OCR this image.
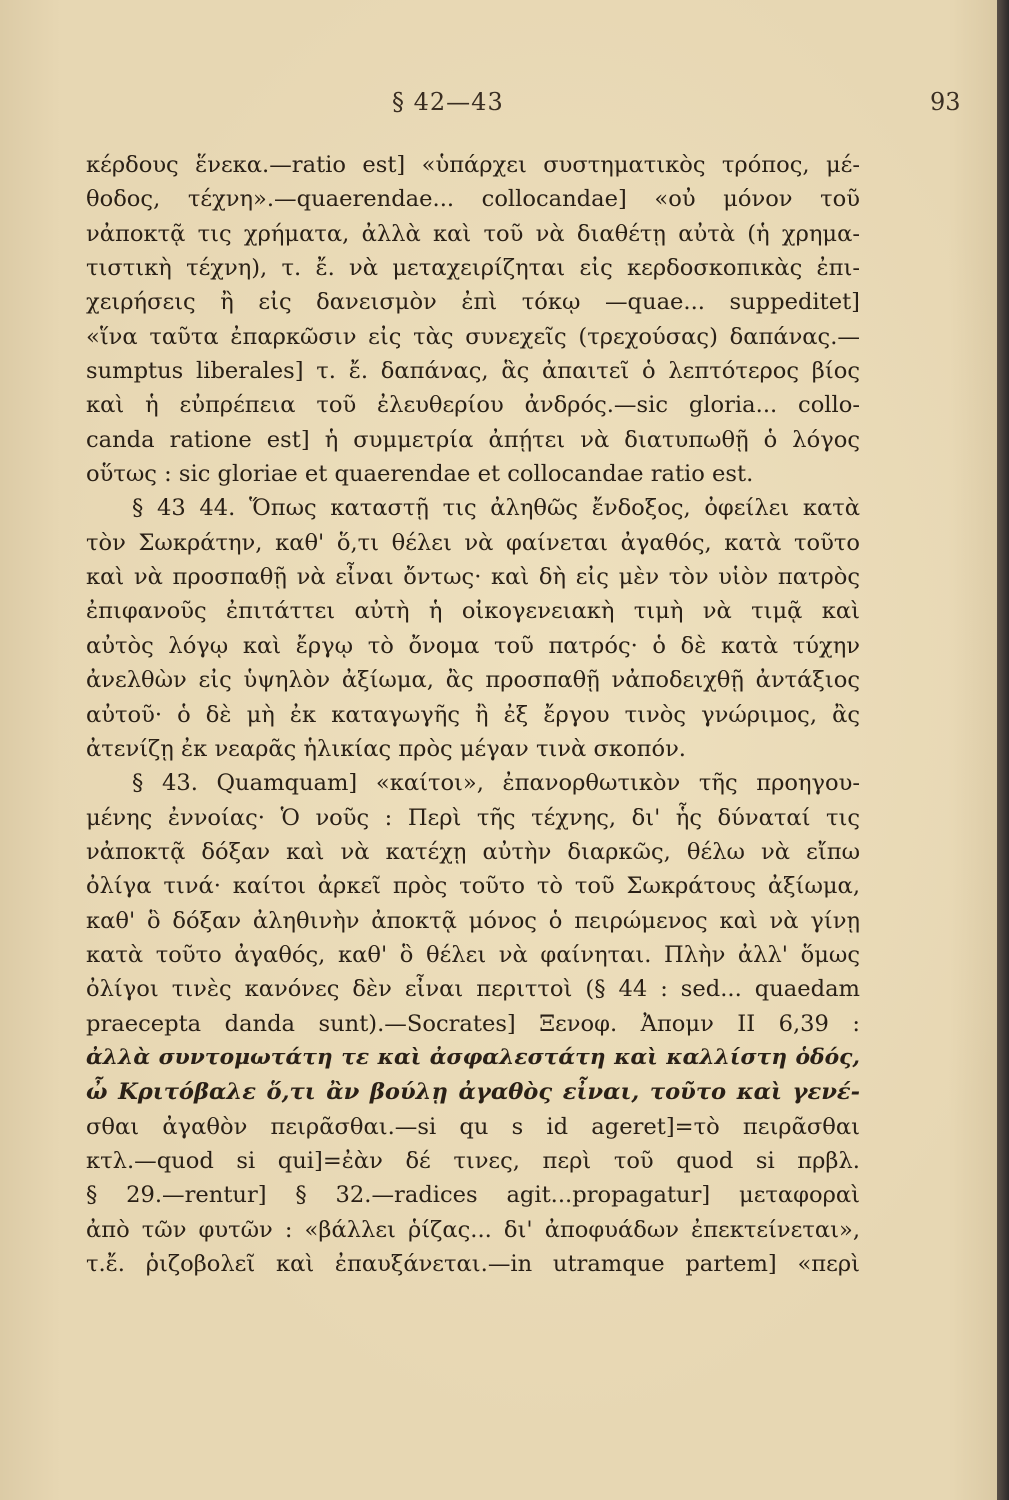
§ 42—43	93
κέρδους ἕνεκα.—ratio est] «ὑπάρχει συστηματικὸς τρόπος, μέ-
θοδος, τέχνη».—quaerendae... collocandae] «οὐ μόνον τοῦ
νἀποκτᾷ τις χρήματα, ἀλλὰ καὶ τοῦ νὰ διαθέτῃ αὐτὰ (ἡ χρημα-
τιστικὴ τέχνη), τ. ἔ. νὰ μεταχειρίζηται εἰς κερδοσκοπικὰς ἐπι-
χειρήσεις ἢ εἰς δανεισμὸν ἐπὶ τόκῳ —quae... suppeditet]
«ἵνα ταῦτα ἐπαρκῶσιν εἰς τὰς συνεχεῖς (τρεχούσας) δαπάνας.—
sumptus liberales] τ. ἔ. δαπάνας, ἃς ἀπαιτεῖ ὁ λεπτότερος βίος
καὶ ἡ εὐπρέπεια τοῦ ἐλευθερίου ἀνδρός.—sic gloria... collo-
canda ratione est] ἡ συμμετρία ἀπῄτει νὰ διατυπωθῇ ὁ λόγος
οὕτως : sic gloriae et quaerendae et collocandae ratio est.
§ 43 44. Ὅπως καταστῇ τις ἀληθῶς ἔνδοξος, ὀφείλει κατὰ
τὸν Σωκράτην, καθ' ὅ,τι θέλει νὰ φαίνεται ἀγαθός, κατὰ τοῦτο
καὶ νὰ προσπαθῇ νὰ εἶναι ὄντως· καὶ δὴ εἰς μὲν τὸν υἱὸν πατρὸς
ἐπιφανοῦς ἐπιτάττει αὐτὴ ἡ οἰκογενειακὴ τιμὴ νὰ τιμᾷ καὶ
αὐτὸς λόγῳ καὶ ἔργῳ τὸ ὄνομα τοῦ πατρός· ὁ δὲ κατὰ τύχην
ἀνελθὼν εἰς ὑψηλὸν ἀξίωμα, ἂς προσπαθῇ νἀποδειχθῇ ἀντάξιος
αὐτοῦ· ὁ δὲ μὴ ἐκ καταγωγῆς ἢ ἐξ ἔργου τινὸς γνώριμος, ἂς
ἀτενίζῃ ἐκ νεαρᾶς ἡλικίας πρὸς μέγαν τινὰ σκοπόν.
§ 43. Quamquam] «καίτοι», ἐπανορθωτικὸν τῆς προηγου-
μένης ἐννοίας· Ὁ νοῦς : Περὶ τῆς τέχνης, δι' ἧς δύναταί τις
νἀποκτᾷ δόξαν καὶ νὰ κατέχῃ αὐτὴν διαρκῶς, θέλω νὰ εἴπω
ὀλίγα τινά· καίτοι ἀρκεῖ πρὸς τοῦτο τὸ τοῦ Σωκράτους ἀξίωμα,
καθ' ὃ δόξαν ἀληθινὴν ἀποκτᾷ μόνος ὁ πειρώμενος καὶ νὰ γίνῃ
κατὰ τοῦτο ἀγαθός, καθ' ὃ θέλει νὰ φαίνηται. Πλὴν ἀλλ' ὅμως
ὀλίγοι τινὲς κανόνες δὲν εἶναι περιττοὶ (§ 44 : sed... quaedam
praecepta danda sunt).—Socrates] Ξενοφ. Ἀπομν II 6,39 :
ἀλλὰ συντομωτάτη τε καὶ ἀσφαλεστάτη καὶ καλλίστη ὁδός,
ὦ Κριτόβαλε ὅ,τι ἂν βούλῃ ἀγαθὸς εἶναι, τοῦτο καὶ γενέ-
σθαι ἀγαθὸν πειρᾶσθαι.—si qu s id ageret]=τὸ πειρᾶσθαι
κτλ.—quod si qui]=ἐὰν δέ τινες, περὶ τοῦ quod si πρβλ.
§ 29.—rentur] § 32.—radices agit...propagatur] μεταφοραὶ
ἀπὸ τῶν φυτῶν : «βάλλει ῥίζας... δι' ἀποφυάδων ἐπεκτείνεται»,
τ.ἔ. ῥιζοβολεῖ καὶ ἐπαυξάνεται.—in utramque partem] «περὶ
